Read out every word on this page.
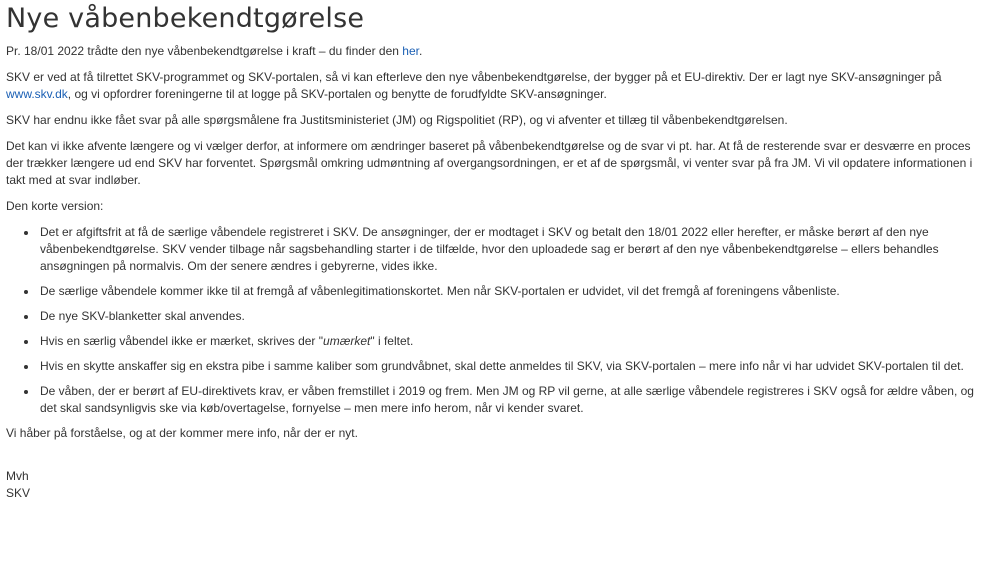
Nye våbenbekendtgørelse

Pr. 18/01 2022 trådte den nye våbenbekendtgørelse i kraft – du finder den her.

SKV er ved at få tilrettet SKV-programmet og SKV-portalen, så vi kan efterleve den nye våbenbekendtgørelse, der bygger på et EU-direktiv. Der er lagt nye SKV-ansøgninger på www.skv.dk, og vi opfordrer foreningerne til at logge på SKV-portalen og benytte de forudfyldte SKV-ansøgninger.

SKV har endnu ikke fået svar på alle spørgsmålene fra Justitsministeriet (JM) og Rigspolitiet (RP), og vi afventer et tillæg til våbenbekendtgørelsen.

Det kan vi ikke afvente længere og vi vælger derfor, at informere om ændringer baseret på våbenbekendtgørelse og de svar vi pt. har. At få de resterende svar er desværre en proces der trækker længere ud end SKV har forventet. Spørgsmål omkring udmøntning af overgangsordningen, er et af de spørgsmål, vi venter svar på fra JM. Vi vil opdatere informationen i takt med at svar indløber.

Den korte version:

• Det er afgiftsfrit at få de særlige våbendele registreret i SKV. De ansøgninger, der er modtaget i SKV og betalt den 18/01 2022 eller herefter, er måske berørt af den nye våbenbekendtgørelse. SKV vender tilbage når sagsbehandling starter i de tilfælde, hvor den uploadede sag er berørt af den nye våbenbekendtgørelse – ellers behandles ansøgningen på normalvis. Om der senere ændres i gebyrerne, vides ikke.
• De særlige våbendele kommer ikke til at fremgå af våbenlegitimationskortet. Men når SKV-portalen er udvidet, vil det fremgå af foreningens våbenliste.
• De nye SKV-blanketter skal anvendes.
• Hvis en særlig våbendel ikke er mærket, skrives der "umærket" i feltet.
• Hvis en skytte anskaffer sig en ekstra pibe i samme kaliber som grundvåbnet, skal dette anmeldes til SKV, via SKV-portalen – mere info når vi har udvidet SKV-portalen til det.
• De våben, der er berørt af EU-direktivets krav, er våben fremstillet i 2019 og frem. Men JM og RP vil gerne, at alle særlige våbendele registreres i SKV også for ældre våben, og det skal sandsynligvis ske via køb/overtagelse, fornyelse – men mere info herom, når vi kender svaret.

Vi håber på forståelse, og at der kommer mere info, når der er nyt.

Mvh

SKV
